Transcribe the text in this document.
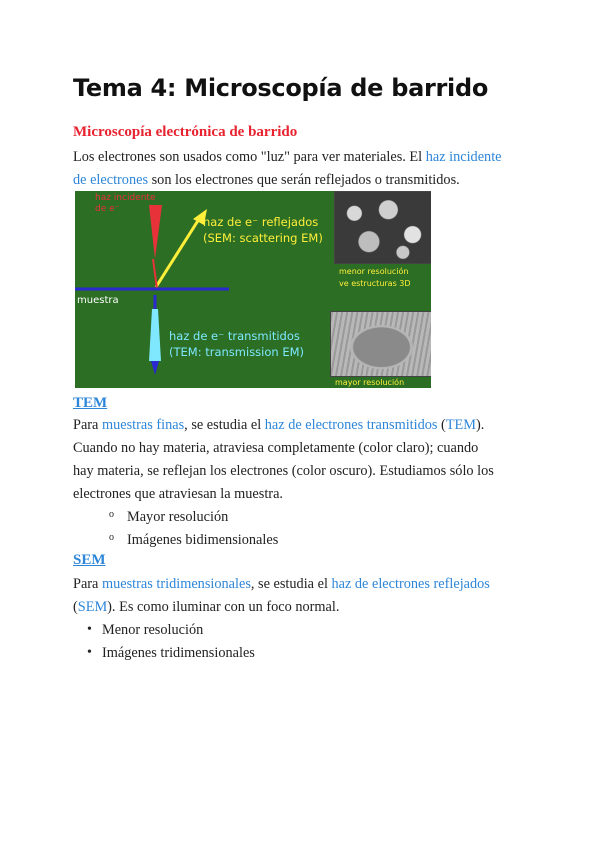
Tema 4: Microscopía de barrido
Microscopía electrónica de barrido

Los electrones son usados como "luz" para ver materiales. El haz incidente
de electrones son los electrones que serán reflejados o transmitidos.

haz incidente
de e⁻
haz de e⁻ reflejados
(SEM: scattering EM)
muestra
haz de e⁻ transmitidos
(TEM: transmission EM)
menor resolución
ve estructuras 3D
mayor resolución
TEM

Para muestras finas, se estudia el haz de electrones transmitidos (TEM).
Cuando no hay materia, atraviesa completamente (color claro); cuando
hay materia, se reflejan los electrones (color oscuro). Estudiamos sólo los
electrones que atraviesan la muestra.

o Mayor resolución
o Imágenes bidimensionales
SEM

Para muestras tridimensionales, se estudia el haz de electrones reflejados
(SEM). Es como iluminar con un foco normal.

• Menor resolución
• Imágenes tridimensionales
